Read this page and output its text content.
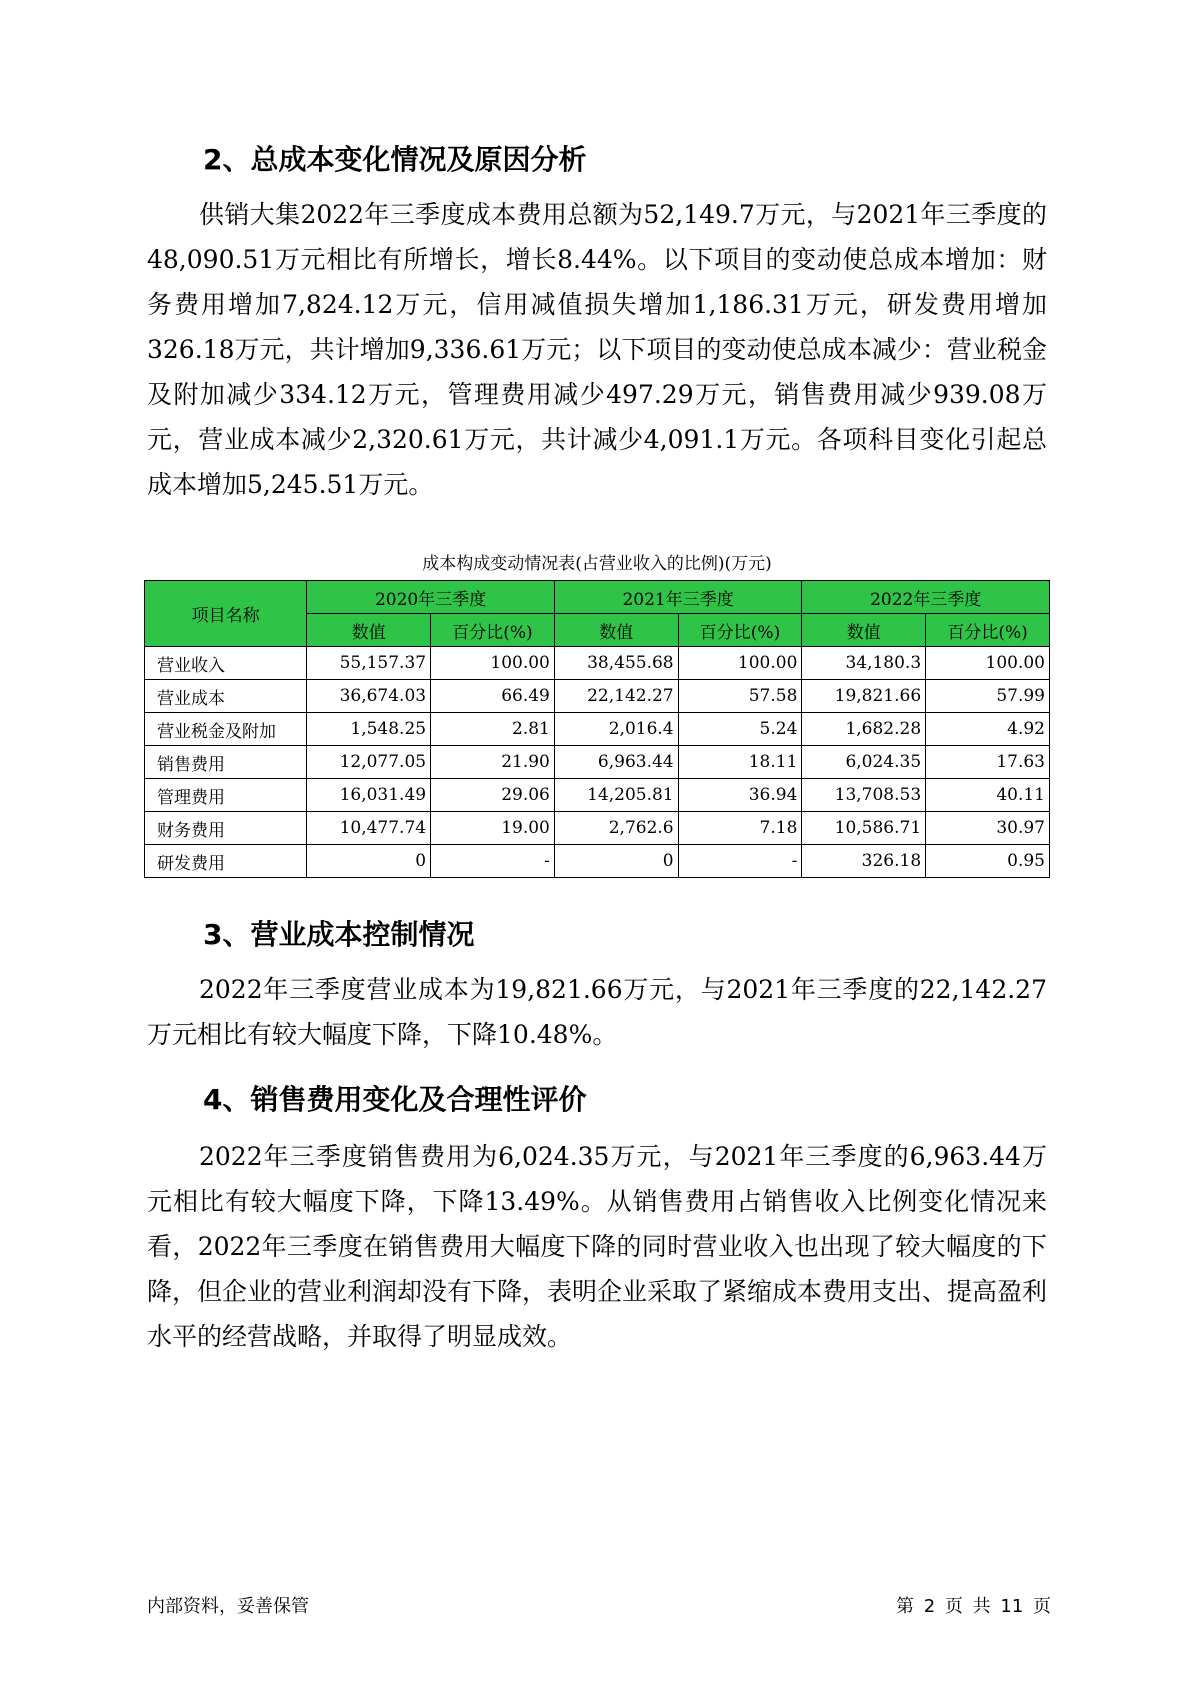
2、总成本变化情况及原因分析

供销大集2022年三季度成本费用总额为52,149.7万元，与2021年三季度的48,090.51万元相比有所增长，增长8.44%。以下项目的变动使总成本增加：财务费用增加7,824.12万元，信用减值损失增加1,186.31万元，研发费用增加326.18万元，共计增加9,336.61万元；以下项目的变动使总成本减少：营业税金及附加减少334.12万元，管理费用减少497.29万元，销售费用减少939.08万元，营业成本减少2,320.61万元，共计减少4,091.1万元。各项科目变化引起总成本增加5,245.51万元。

成本构成变动情况表(占营业收入的比例)(万元)
项目名称	2020年三季度		2021年三季度		2022年三季度	
	数值	百分比(%)	数值	百分比(%)	数值	百分比(%)
营业收入	55,157.37	100.00	38,455.68	100.00	34,180.3	100.00
营业成本	36,674.03	66.49	22,142.27	57.58	19,821.66	57.99
营业税金及附加	1,548.25	2.81	2,016.4	5.24	1,682.28	4.92
销售费用	12,077.05	21.90	6,963.44	18.11	6,024.35	17.63
管理费用	16,031.49	29.06	14,205.81	36.94	13,708.53	40.11
财务费用	10,477.74	19.00	2,762.6	7.18	10,586.71	30.97
研发费用	0	-	0	-	326.18	0.95
3、营业成本控制情况

2022年三季度营业成本为19,821.66万元，与2021年三季度的22,142.27万元相比有较大幅度下降，下降10.48%。

4、销售费用变化及合理性评价

2022年三季度销售费用为6,024.35万元，与2021年三季度的6,963.44万元相比有较大幅度下降，下降13.49%。从销售费用占销售收入比例变化情况来看，2022年三季度在销售费用大幅度下降的同时营业收入也出现了较大幅度的下降，但企业的营业利润却没有下降，表明企业采取了紧缩成本费用支出、提高盈利水平的经营战略，并取得了明显成效。

内部资料，妥善保管	第 2 页 共 11 页
